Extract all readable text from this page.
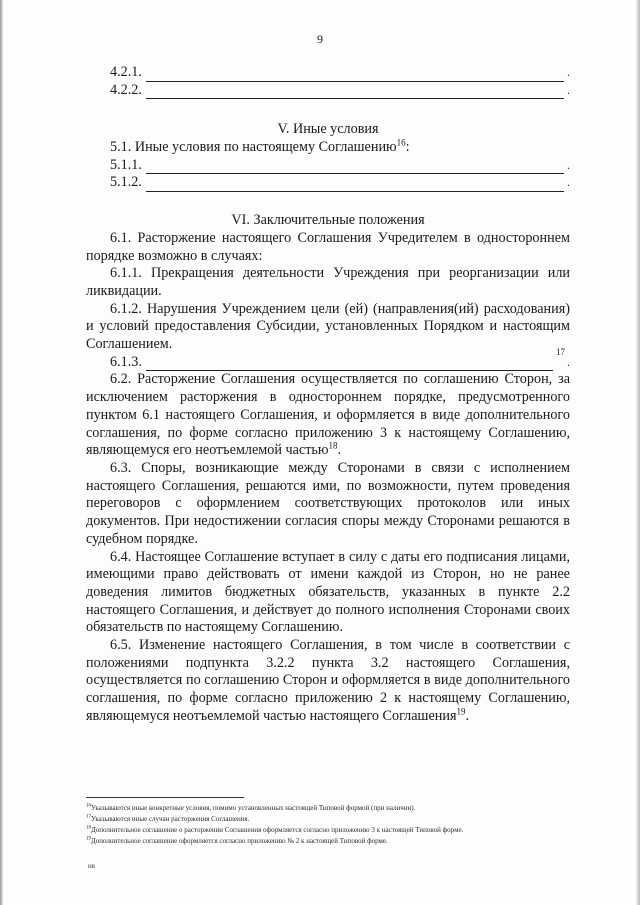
9
4.2.1.	.
4.2.2.	.
V. Иные условия

5.1. Иные условия по настоящему Соглашению$^{16}$:

5.1.1.	.
5.1.2.	.
VI. Заключительные положения

6.1. Расторжение настоящего Соглашения Учредителем в одностороннем порядке возможно в случаях:

6.1.1. Прекращения деятельности Учреждения при реорганизации или ликвидации.

6.1.2. Нарушения Учреждением цели (ей) (направления(ий) расходования) и условий предоставления Субсидии, установленных Порядком и настоящим Соглашением.

6.1.3.
17
.

6.2. Расторжение Соглашения осуществляется по соглашению Сторон, за исключением расторжения в одностороннем порядке, предусмотренного пунктом 6.1 настоящего Соглашения, и оформляется в виде дополнительного соглашения, по форме согласно приложению 3 к настоящему Соглашению, являющемуся его неотъемлемой частью$^{18}$.

6.3. Споры, возникающие между Сторонами в связи с исполнением настоящего Соглашения, решаются ими, по возможности, путем проведения переговоров с оформлением соответствующих протоколов или иных документов. При недостижении согласия споры между Сторонами решаются в судебном порядке.

6.4. Настоящее Соглашение вступает в силу с даты его подписания лицами, имеющими право действовать от имени каждой из Сторон, но не ранее доведения лимитов бюджетных обязательств, указанных в пункте 2.2 настоящего Соглашения, и действует до полного исполнения Сторонами своих обязательств по настоящему Соглашению.

6.5. Изменение настоящего Соглашения, в том числе в соответствии с положениями подпункта 3.2.2 пункта 3.2 настоящего Соглашения, осуществляется по соглашению Сторон и оформляется в виде дополнительного соглашения, по форме согласно приложению 2 к настоящему Соглашению, являющемуся неотъемлемой частью настоящего Соглашения$^{19}$.

$^{16}$Указываются иные конкретные условия, помимо установленных настоящей Типовой формой (при наличии).
$^{17}$Указываются иные случаи расторжения Соглашения.
$^{18}$Дополнительное соглашение о расторжении Соглашения оформляется согласно приложению 3 к настоящей Типовой форме.
$^{19}$Дополнительное соглашение оформляется согласно приложению № 2 к настоящей Типовой форме.
нв
